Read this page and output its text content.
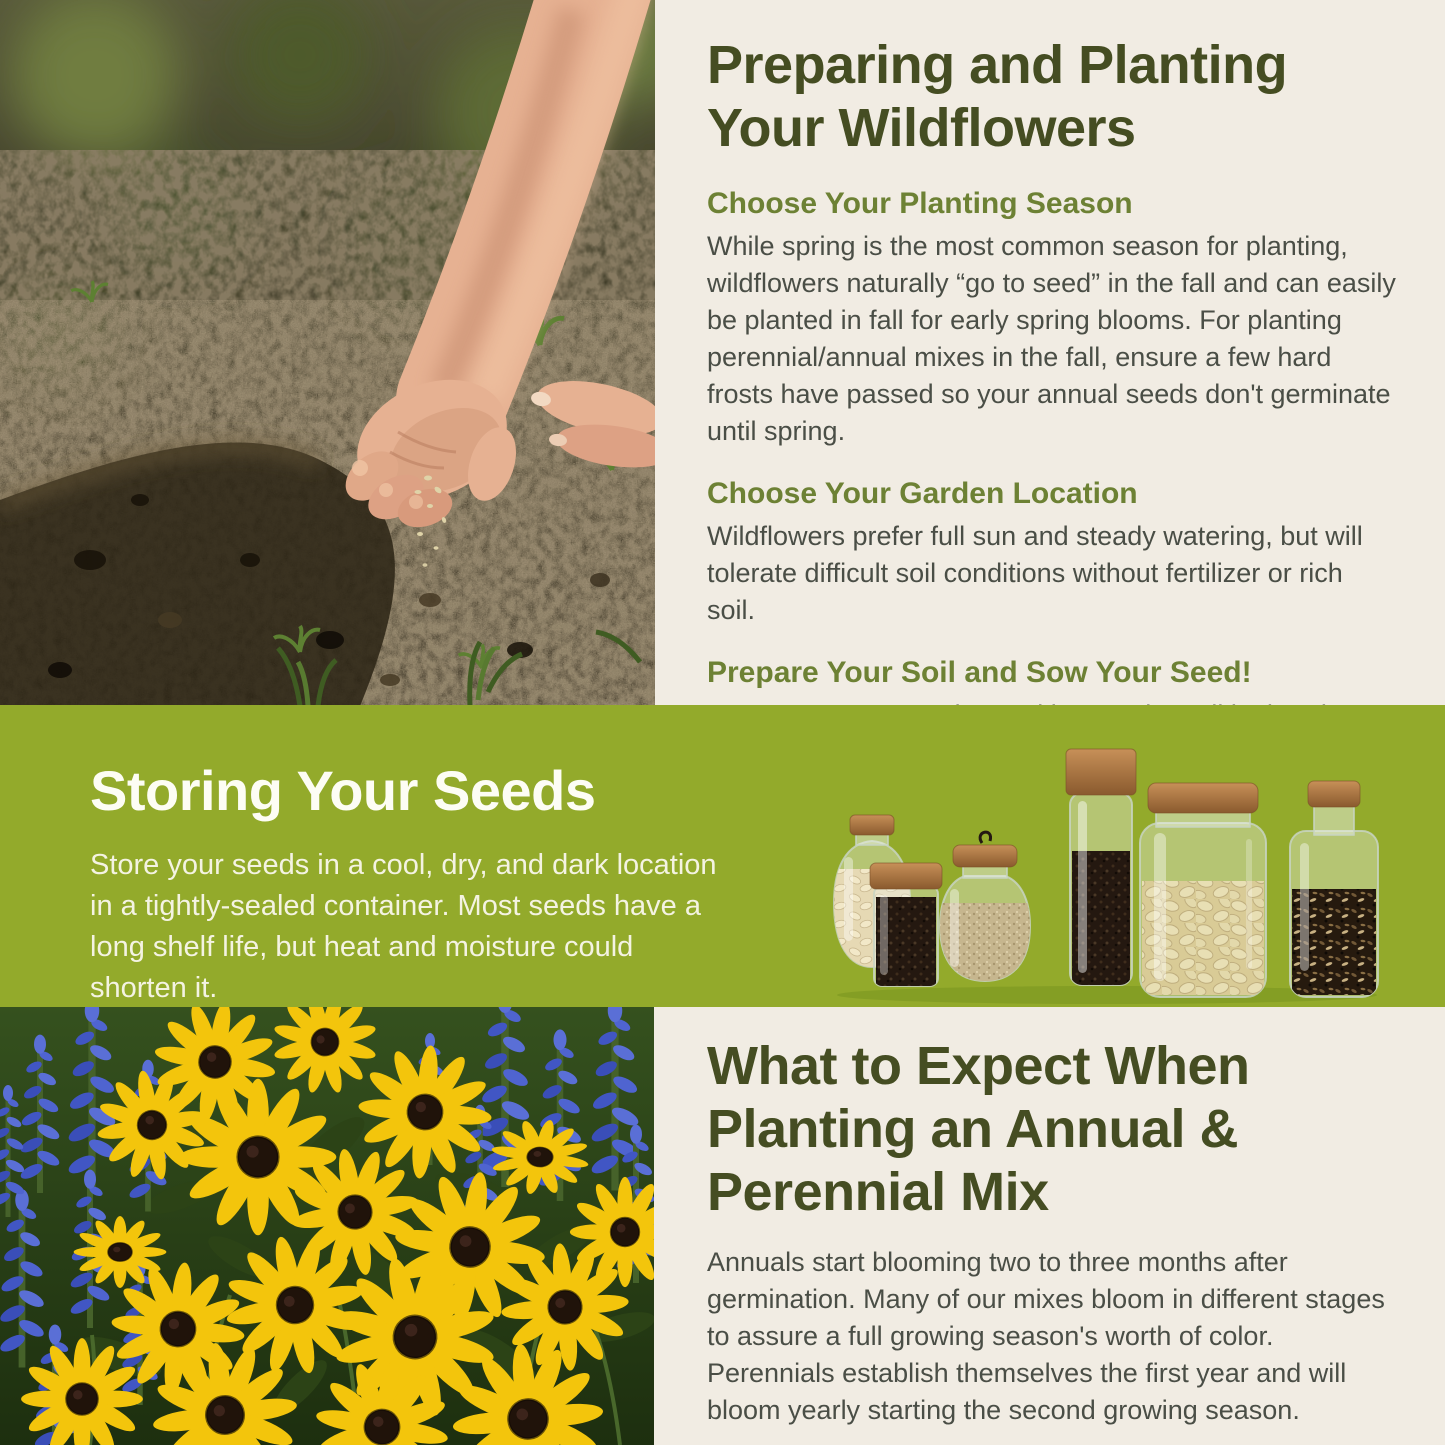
Preparing and Planting
Your Wildflowers
Choose Your Planting Season

While spring is the most common season for planting, wildflowers naturally “go to seed” in the fall and can easily be planted in fall for early spring blooms. For planting perennial/annual mixes in the fall, ensure a few hard frosts have passed so your annual seeds don't germinate until spring.

Choose Your Garden Location

Wildflowers prefer full sun and steady watering, but will tolerate difficult soil conditions without fertilizer or rich soil.

Prepare Your Soil and Sow Your Seed!

Storing Your Seeds

Store your seeds in a cool, dry, and dark location in a tightly-sealed container. Most seeds have a long shelf life, but heat and moisture could shorten it.

What to Expect When
Planting an Annual &
Perennial Mix

Annuals start blooming two to three months after germination. Many of our mixes bloom in different stages to assure a full growing season's worth of color. Perennials establish themselves the first year and will bloom yearly starting the second growing season.
